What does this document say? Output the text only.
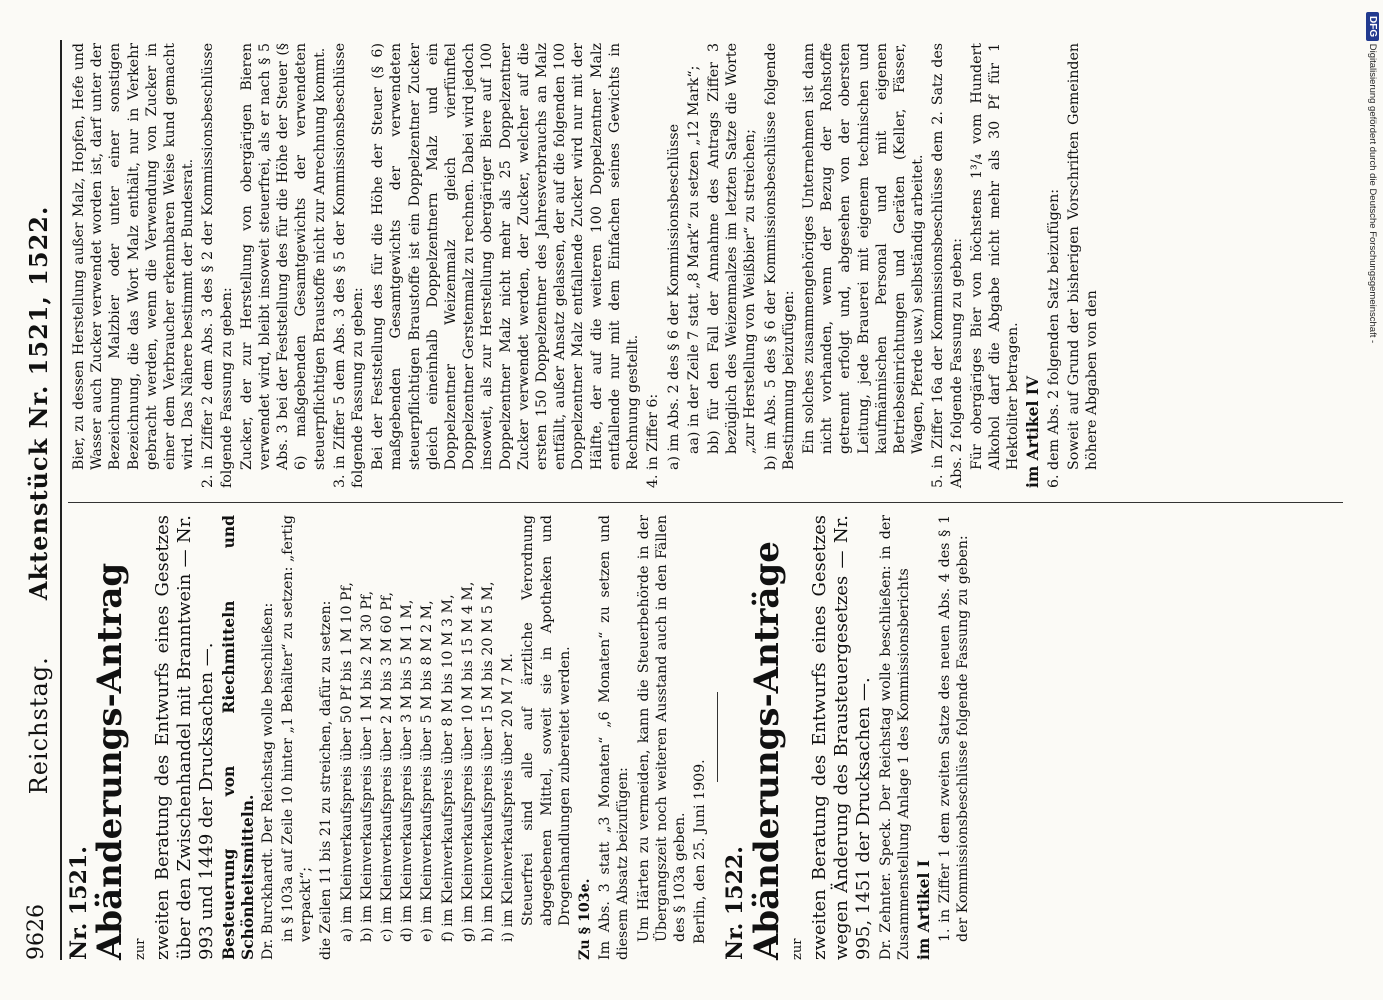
9626
Reichstag.      Aktenstück Nr. 1521, 1522.

Nr. 1521.

Abänderungs-Antrag zur zweiten Beratung des Entwurfs eines Gesetzes über den Zwischenhandel mit Branntwein — Nr. 993 und 1449 der Drucksachen —. Besteuerung von Riechmitteln und Schönheitsmitteln. Dr. Burckhardt. Der Reichstag wolle beschließen: in § 103a auf Zeile 10 hinter „1 Behälter“ zu setzen: „fertig verpackt“; die Zeilen 11 bis 21 zu streichen, dafür zu setzen: a) im Kleinverkaufspreis über 50 Pf bis 1 M 10 Pf, b) im Kleinverkaufspreis über 1 M bis 2 M 30 Pf, c) im Kleinverkaufspreis über 2 M bis 3 M 60 Pf, d) im Kleinverkaufspreis über 3 M bis 5 M 1 M, e) im Kleinverkaufspreis über 5 M bis 8 M 2 M, f) im Kleinverkaufspreis über 8 M bis 10 M 3 M, g) im Kleinverkaufspreis über 10 M bis 15 M 4 M, h) im Kleinverkaufspreis über 15 M bis 20 M 5 M, i) im Kleinverkaufspreis über 20 M 7 M. Steuerfrei sind alle auf ärztliche Verordnung abgegebenen Mittel, soweit sie in Apotheken und Drogenhandlungen zubereitet werden. Zu § 103e. Im Abs. 3 statt „3 Monaten“ „6 Monaten“ zu setzen und diesem Absatz beizufügen: Um Härten zu vermeiden, kann die Steuerbehörde in der Übergangszeit noch weiteren Ausstand auch in den Fällen des § 103a geben. Berlin, den 25. Juni 1909. Nr. 1522.

Abänderungs-Anträge zur zweiten Beratung des Entwurfs eines Gesetzes wegen Änderung des Brausteuergesetzes — Nr. 995, 1451 der Drucksachen —. Dr. Zehnter. Speck. Der Reichstag wolle beschließen: in der Zusammenstellung Anlage 1 des Kommissionsberichts im Artikel I 1. in Ziffer 1 dem zweiten Satze des neuen Abs. 4 des § 1 der Kommissionsbeschlüsse folgende Fassung zu geben:

Bier, zu dessen Herstellung außer Malz, Hopfen, Hefe und Wasser auch Zucker verwendet worden ist, darf unter der Bezeichnung Malzbier oder unter einer sonstigen Bezeichnung, die das Wort Malz enthält, nur in Verkehr gebracht werden, wenn die Verwendung von Zucker in einer dem Verbraucher erkennbaren Weise kund gemacht wird. Das Nähere bestimmt der Bundesrat. 2. in Ziffer 2 dem Abs. 3 des § 2 der Kommissionsbeschlüsse folgende Fassung zu geben: Zucker, der zur Herstellung von obergärigen Bieren verwendet wird, bleibt insoweit steuerfrei, als er nach § 5 Abs. 3 bei der Feststellung des für die Höhe der Steuer (§ 6) maßgebenden Gesamtgewichts der verwendeten steuerpflichtigen Braustoffe nicht zur Anrechnung kommt. 3. in Ziffer 5 dem Abs. 3 des § 5 der Kommissionsbeschlüsse folgende Fassung zu geben: Bei der Feststellung des für die Höhe der Steuer (§ 6) maßgebenden Gesamtgewichts der verwendeten steuerpflichtigen Braustoffe ist ein Doppelzentner Zucker gleich eineinhalb Doppelzentnern Malz und ein Doppelzentner Weizenmalz gleich vierfünftel Doppelzentner Gerstenmalz zu rechnen. Dabei wird jedoch insoweit, als zur Herstellung obergäriger Biere auf 100 Doppelzentner Malz nicht mehr als 25 Doppelzentner Zucker verwendet werden, der Zucker, welcher auf die ersten 150 Doppelzentner des Jahresverbrauchs an Malz entfällt, außer Ansatz gelassen, der auf die folgenden 100 Doppelzentner Malz entfallende Zucker wird nur mit der Hälfte, der auf die weiteren 100 Doppelzentner Malz entfallende nur mit dem Einfachen seines Gewichts in Rechnung gestellt. 4. in Ziffer 6: a) im Abs. 2 des § 6 der Kommissionsbeschlüsse aa) in der Zeile 7 statt „8 Mark“ zu setzen „12 Mark“; bb) für den Fall der Annahme des Antrags Ziffer 3 bezüglich des Weizenmalzes im letzten Satze die Worte „zur Herstellung von Weißbier“ zu streichen; b) im Abs. 5 des § 6 der Kommissionsbeschlüsse folgende Bestimmung beizufügen: Ein solches zusammengehöriges Unternehmen ist dann nicht vorhanden, wenn der Bezug der Rohstoffe getrennt erfolgt und, abgesehen von der obersten Leitung, jede Brauerei mit eigenem technischen und kaufmännischen Personal und mit eigenen Betriebseinrichtungen und Geräten (Keller, Fässer, Wagen, Pferde usw.) selbständig arbeitet. 5. in Ziffer 16a der Kommissionsbeschlüsse dem 2. Satz des Abs. 2 folgende Fassung zu geben: Für obergäriges Bier von höchstens 1³/₄ vom Hundert Alkohol darf die Abgabe nicht mehr als 30 Pf für 1 Hektoliter betragen. im Artikel IV 6. dem Abs. 2 folgenden Satz beizufügen: Soweit auf Grund der bisherigen Vorschriften Gemeinden höhere Abgaben von den

DFG Digitalisierung gefördert durch die Deutsche Forschungsgemeinschaft -
